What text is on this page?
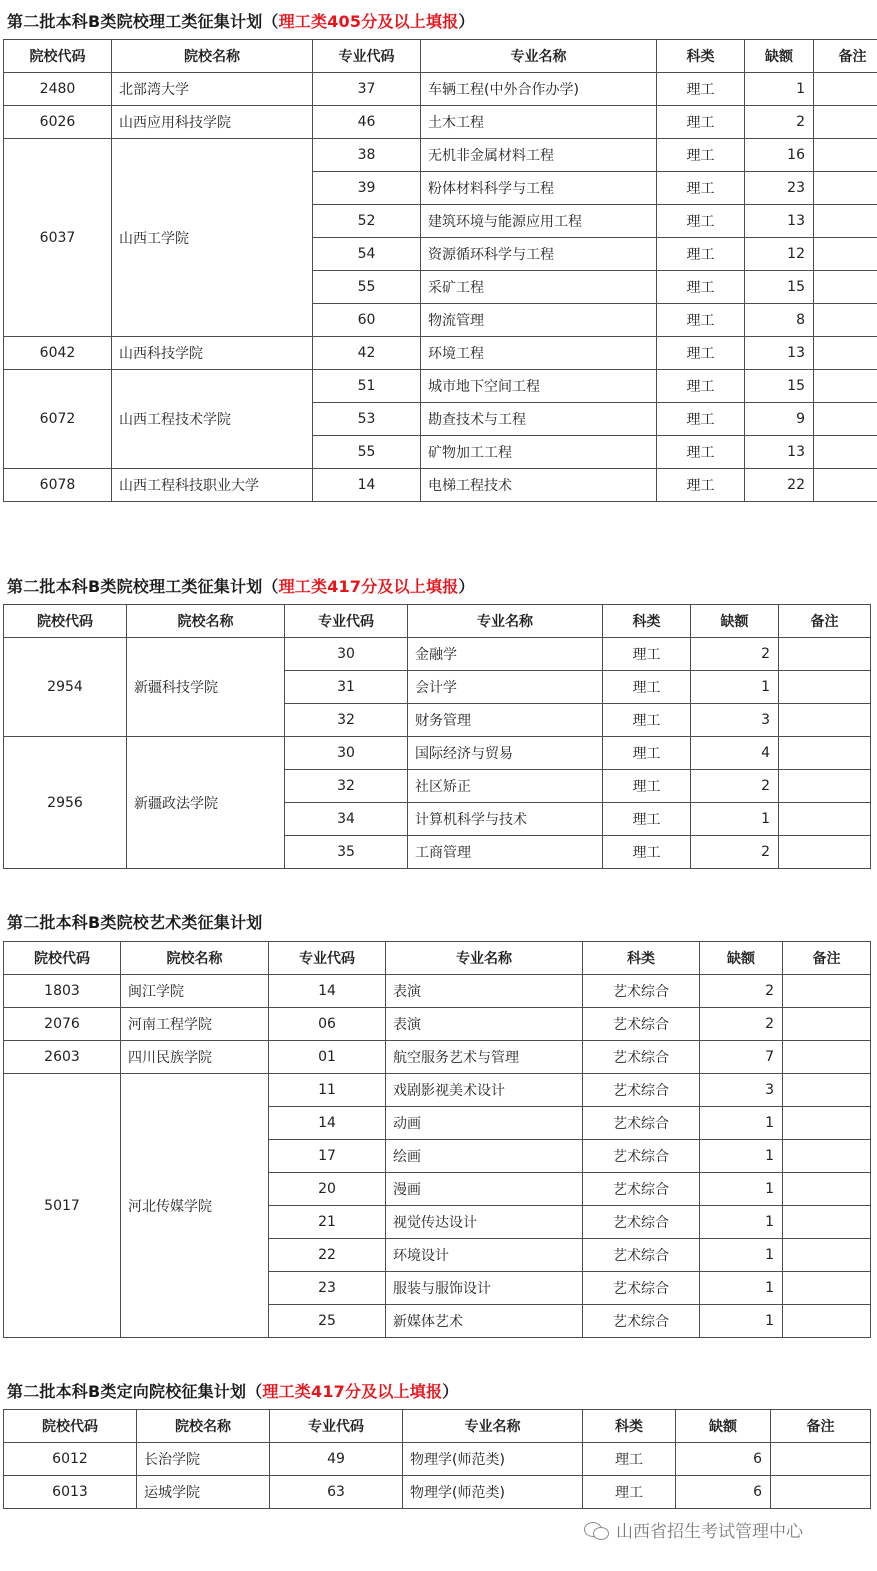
第二批本科B类院校理工类征集计划（理工类405分及以上填报）
院校代码	院校名称	专业代码	专业名称	科类	缺额	备注
2480	北部湾大学	37	车辆工程(中外合作办学)	理工	1	
6026	山西应用科技学院	46	土木工程	理工	2	
6037	山西工学院	38	无机非金属材料工程	理工	16	
		39	粉体材料科学与工程	理工	23	
		52	建筑环境与能源应用工程	理工	13	
		54	资源循环科学与工程	理工	12	
		55	采矿工程	理工	15	
		60	物流管理	理工	8	
6042	山西科技学院	42	环境工程	理工	13	
6072	山西工程技术学院	51	城市地下空间工程	理工	15	
		53	勘查技术与工程	理工	9	
		55	矿物加工工程	理工	13	
6078	山西工程科技职业大学	14	电梯工程技术	理工	22	
第二批本科B类院校理工类征集计划（理工类417分及以上填报）
院校代码	院校名称	专业代码	专业名称	科类	缺额	备注
2954	新疆科技学院	30	金融学	理工	2	
		31	会计学	理工	1	
		32	财务管理	理工	3	
2956	新疆政法学院	30	国际经济与贸易	理工	4	
		32	社区矫正	理工	2	
		34	计算机科学与技术	理工	1	
		35	工商管理	理工	2	
第二批本科B类院校艺术类征集计划
院校代码	院校名称	专业代码	专业名称	科类	缺额	备注
1803	闽江学院	14	表演	艺术综合	2	
2076	河南工程学院	06	表演	艺术综合	2	
2603	四川民族学院	01	航空服务艺术与管理	艺术综合	7	
5017	河北传媒学院	11	戏剧影视美术设计	艺术综合	3	
		14	动画	艺术综合	1	
		17	绘画	艺术综合	1	
		20	漫画	艺术综合	1	
		21	视觉传达设计	艺术综合	1	
		22	环境设计	艺术综合	1	
		23	服装与服饰设计	艺术综合	1	
		25	新媒体艺术	艺术综合	1	
第二批本科B类定向院校征集计划（理工类417分及以上填报）
院校代码	院校名称	专业代码	专业名称	科类	缺额	备注
6012	长治学院	49	物理学(师范类)	理工	6	
6013	运城学院	63	物理学(师范类)	理工	6	
山西省招生考试管理中心
